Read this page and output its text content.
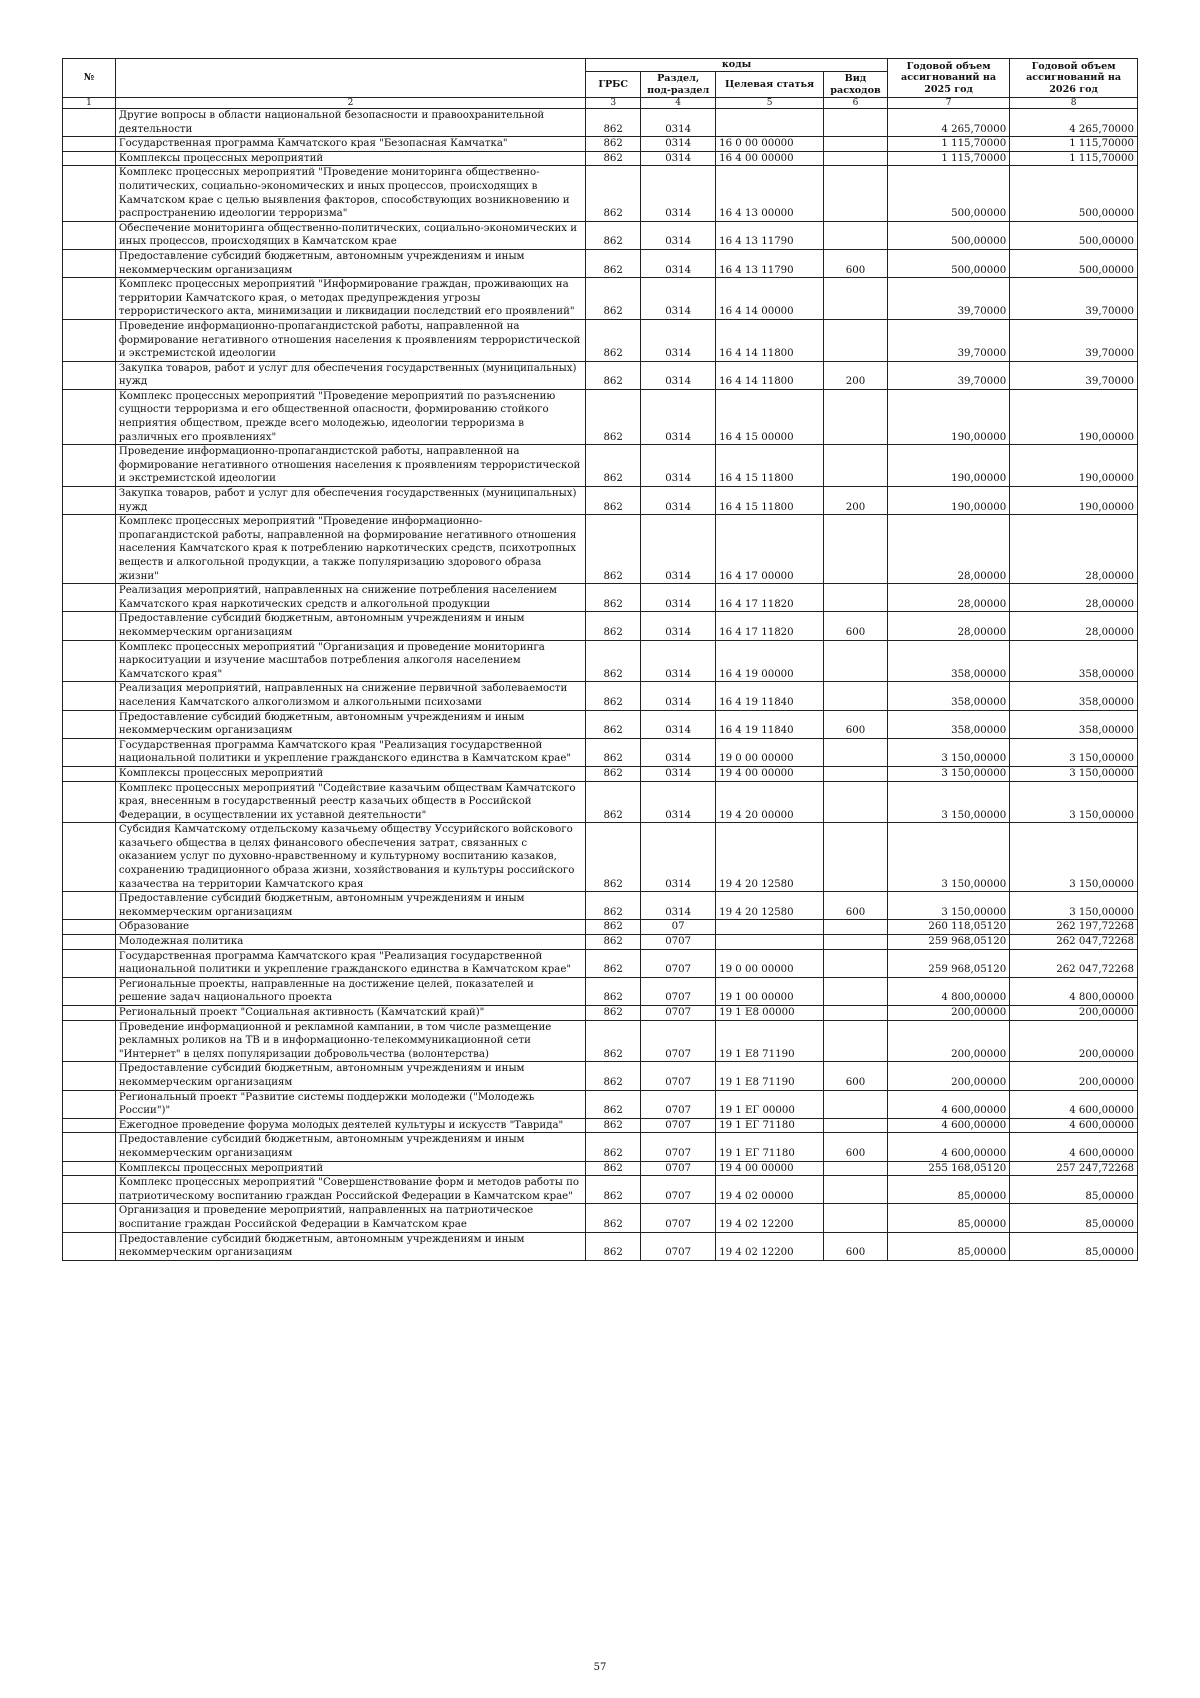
№		коды				Годовой объем ассигнований на 2025 год	Годовой объем ассигнований на 2026 год
		ГРБС	Раздел, под-раздел	Целевая статья	Вид расходов		
1	2	3	4	5	6	7	8
	Другие вопросы в области национальной безопасности и правоохранительной деятельности	862	0314			4 265,70000	4 265,70000
	Государственная программа Камчатского края "Безопасная Камчатка"	862	0314	16 0 00 00000		1 115,70000	1 115,70000
	Комплексы процессных мероприятий	862	0314	16 4 00 00000		1 115,70000	1 115,70000
	Комплекс процессных мероприятий "Проведение мониторинга общественно-политических, социально-экономических и иных процессов, происходящих в Камчатском крае с целью выявления факторов, способствующих возникновению и распространению идеологии терроризма"	862	0314	16 4 13 00000		500,00000	500,00000
	Обеспечение мониторинга общественно-политических, социально-экономических и иных процессов, происходящих в Камчатском крае	862	0314	16 4 13 11790		500,00000	500,00000
	Предоставление субсидий бюджетным, автономным учреждениям и иным некоммерческим организациям	862	0314	16 4 13 11790	600	500,00000	500,00000
	Комплекс процессных мероприятий "Информирование граждан, проживающих на территории Камчатского края, о методах предупреждения угрозы террористического акта, минимизации и ликвидации последствий его проявлений"	862	0314	16 4 14 00000		39,70000	39,70000
	Проведение информационно-пропагандистской работы, направленной на формирование негативного отношения населения к проявлениям террористической и экстремистской идеологии	862	0314	16 4 14 11800		39,70000	39,70000
	Закупка товаров, работ и услуг для обеспечения государственных (муниципальных) нужд	862	0314	16 4 14 11800	200	39,70000	39,70000
	Комплекс процессных мероприятий "Проведение мероприятий по разъяснению сущности терроризма и его общественной опасности, формированию стойкого неприятия обществом, прежде всего молодежью, идеологии терроризма в различных его проявлениях"	862	0314	16 4 15 00000		190,00000	190,00000
	Проведение информационно-пропагандистской работы, направленной на формирование негативного отношения населения к проявлениям террористической и экстремистской идеологии	862	0314	16 4 15 11800		190,00000	190,00000
	Закупка товаров, работ и услуг для обеспечения государственных (муниципальных) нужд	862	0314	16 4 15 11800	200	190,00000	190,00000
	Комплекс процессных мероприятий "Проведение информационно-пропагандистской работы, направленной на формирование негативного отношения населения Камчатского края к потреблению наркотических средств, психотропных веществ и алкогольной продукции, а также популяризацию здорового образа жизни"	862	0314	16 4 17 00000		28,00000	28,00000
	Реализация мероприятий, направленных на снижение потребления населением Камчатского края наркотических средств и алкогольной продукции	862	0314	16 4 17 11820		28,00000	28,00000
	Предоставление субсидий бюджетным, автономным учреждениям и иным некоммерческим организациям	862	0314	16 4 17 11820	600	28,00000	28,00000
	Комплекс процессных мероприятий "Организация и проведение мониторинга наркоситуации и изучение масштабов потребления алкоголя населением Камчатского края"	862	0314	16 4 19 00000		358,00000	358,00000
	Реализация мероприятий, направленных на снижение первичной заболеваемости населения Камчатского алкоголизмом и алкогольными психозами	862	0314	16 4 19 11840		358,00000	358,00000
	Предоставление субсидий бюджетным, автономным учреждениям и иным некоммерческим организациям	862	0314	16 4 19 11840	600	358,00000	358,00000
	Государственная программа Камчатского края "Реализация государственной национальной политики и укрепление гражданского единства в Камчатском крае"	862	0314	19 0 00 00000		3 150,00000	3 150,00000
	Комплексы процессных мероприятий	862	0314	19 4 00 00000		3 150,00000	3 150,00000
	Комплекс процессных мероприятий "Содействие казачьим обществам Камчатского края, внесенным в государственный реестр казачьих обществ в Российской Федерации, в осуществлении их уставной деятельности"	862	0314	19 4 20 00000		3 150,00000	3 150,00000
	Субсидия Камчатскому отдельскому казачьему обществу Уссурийского войскового казачьего общества в целях финансового обеспечения затрат, связанных с оказанием услуг по духовно-нравственному и культурному воспитанию казаков, сохранению традиционного образа жизни, хозяйствования и культуры российского казачества на территории Камчатского края	862	0314	19 4 20 12580		3 150,00000	3 150,00000
	Предоставление субсидий бюджетным, автономным учреждениям и иным некоммерческим организациям	862	0314	19 4 20 12580	600	3 150,00000	3 150,00000
	Образование	862	07			260 118,05120	262 197,72268
	Молодежная политика	862	0707			259 968,05120	262 047,72268
	Государственная программа Камчатского края "Реализация государственной национальной политики и укрепление гражданского единства в Камчатском крае"	862	0707	19 0 00 00000		259 968,05120	262 047,72268
	Региональные проекты, направленные на достижение целей, показателей и решение задач национального проекта	862	0707	19 1 00 00000		4 800,00000	4 800,00000
	Региональный проект "Социальная активность (Камчатский край)"	862	0707	19 1 E8 00000		200,00000	200,00000
	Проведение информационной и рекламной кампании, в том числе размещение рекламных роликов на ТВ и в информационно-телекоммуникационной сети "Интернет" в целях популяризации добровольчества (волонтерства)	862	0707	19 1 E8 71190		200,00000	200,00000
	Предоставление субсидий бюджетным, автономным учреждениям и иным некоммерческим организациям	862	0707	19 1 E8 71190	600	200,00000	200,00000
	Региональный проект "Развитие системы поддержки молодежи ("Молодежь России")"	862	0707	19 1 EГ 00000		4 600,00000	4 600,00000
	Ежегодное проведение форума молодых деятелей культуры и искусств "Таврида"	862	0707	19 1 EГ 71180		4 600,00000	4 600,00000
	Предоставление субсидий бюджетным, автономным учреждениям и иным некоммерческим организациям	862	0707	19 1 EГ 71180	600	4 600,00000	4 600,00000
	Комплексы процессных мероприятий	862	0707	19 4 00 00000		255 168,05120	257 247,72268
	Комплекс процессных мероприятий "Совершенствование форм и методов работы по патриотическому воспитанию граждан Российской Федерации в Камчатском крае"	862	0707	19 4 02 00000		85,00000	85,00000
	Организация и проведение мероприятий, направленных на патриотическое воспитание граждан Российской Федерации в Камчатском крае	862	0707	19 4 02 12200		85,00000	85,00000
	Предоставление субсидий бюджетным, автономным учреждениям и иным некоммерческим организациям	862	0707	19 4 02 12200	600	85,00000	85,00000
57
